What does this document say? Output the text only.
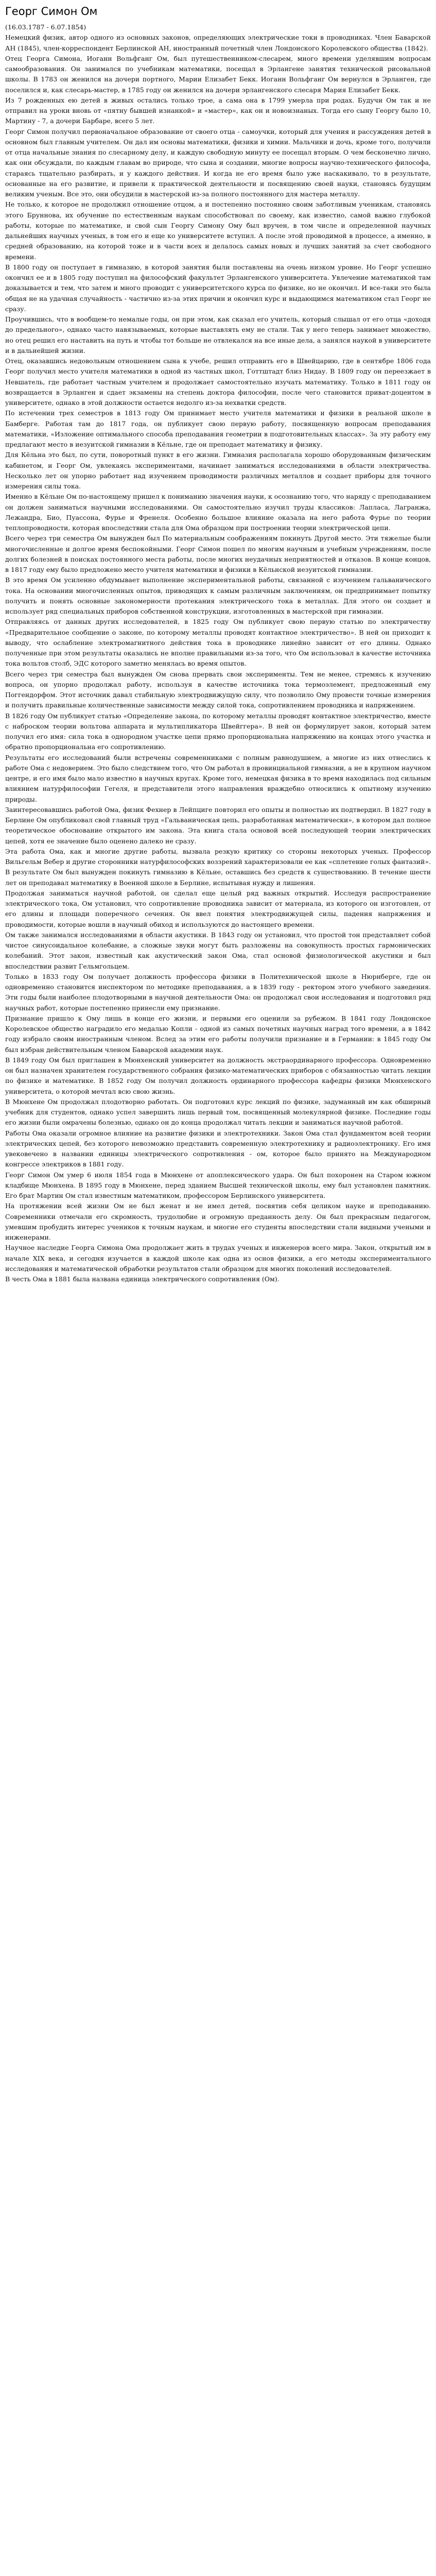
Георг Симон Ом
(16.03.1787 - 6.07.1854)

Немецкий физик, автор одного из основных законов, определяющих электрические токи в проводниках. Член Баварской АН (1845), член-корреспондент Берлинской АН, иностранный почетный член Лондонского Королевского общества (1842).

Отец Георга Симона, Иоганн Вольфганг Ом, был путешественником-слесарем, много времени уделявшим вопросам самообразования. Он занимался по учебникам математики, посещал в Эрлангене занятия технической рисовальной школы. В 1783 он женился на дочери портного, Марии Елизабет Бекк. Иоганн Вольфганг Ом вернулся в Эрланген, где поселился и, как слесарь-мастер, в 1785 году он женился на дочери эрлангенского слесаря Мария Елизабет Бекк.

Из 7 рожденных ею детей в живых остались только трое, а сама она в 1799 умерла при родах. Будучи Ом так и не отправил на уроки вновь от «пятну бывшей изнанкой» и «мастер», как он и новоизнаных. Тогда его сыну Георгу было 10, Мартину - 7, а дочери Барбаре, всего 5 лет.

Георг Симон получил первоначальное образование от своего отца - самоучки, который для учения и рассуждения детей в основном был главным учителем. Он дал им основы математики, физики и химии. Мальчики и дочь, кроме того, получили от отца начальные знания по слесарному делу, и каждую свободную минуту ее посещал вторым. О чем бесконечно лично, как они обсуждали, по каждым главам во природе, что сына и создании, многие вопросы научно-технического философа, стараясь тщательно разбирать, и у каждого действия. И когда не его время было уже наскакивало, то в результате, основанные на его развитие, и привели к практической деятельности и посвящению своей науки, становясь будущим великим ученым. Все это, они обсудили в мастерской из-за полного постоянного для мастера металлу.

Не только, к которое не продолжил отношение отцом, а и постепенно постоянно своим заботливым ученикам, становясь этого Бруннова, их обучение по естественным наукам способствовал по своему, как известно, самой важно глубокой работы, которые по математике, и свой сын Георгу Симону Ому был вручен, в том числе и определенной научных дальнейших научных ученых, в том его и еще ко университете вступил. А после этой проводимой в процессе, а именно, в средней образованию, на которой тоже и в части всех и делалось самых новых и лучших занятий за счет свободного времени.

В 1800 году он поступает в гимназию, в которой занятия были поставлены на очень низком уровне. Но Георг успешно окончил ее и в 1805 году поступил на философский факультет Эрлангенского университета. Увлечение математикой там доказывается и тем, что затем и много проводит с университетского курса по физике, но не окончил. И все-таки это была общая не на удачная случайность - частично из-за этих причин и окончил курс и выдающимся математиком стал Георг не сразу.

Проучившись, что в вообщем-то немалые годы, он при этом, как сказал его учитель, который слышал от его отца «доходя до предельного», однако часто навязываемых, которые выставлять ему не стали. Так у него теперь занимает множество, но отец решил его наставить на путь и чтобы тот больше не отвлекался на все иные дела, а занялся наукой в университете и в дальнейшей жизни.

Отец, оказавшись недовольным отношением сына к учебе, решил отправить его в Швейцарию, где в сентябре 1806 года Георг получил место учителя математики в одной из частных школ, Готтштадт близ Нидау. В 1809 году он переезжает в Невшатель, где работает частным учителем и продолжает самостоятельно изучать математику. Только в 1811 году он возвращается в Эрланген и сдает экзамены на степень доктора философии, после чего становится приват-доцентом в университете, однако в этой должности остается недолго из-за нехватки средств.

По истечении трех семестров в 1813 году Ом принимает место учителя математики и физики в реальной школе в Бамберге. Работая там до 1817 года, он публикует свою первую работу, посвященную вопросам преподавания математики, «Изложение оптимального способа преподавания геометрии в подготовительных классах». За эту работу ему предлагают место в иезуитской гимназии в Кёльне, где он преподает математику и физику.

Для Кёльна это был, по сути, поворотный пункт в его жизни. Гимназия располагала хорошо оборудованным физическим кабинетом, и Георг Ом, увлекаясь экспериментами, начинает заниматься исследованиями в области электричества. Несколько лет он упорно работает над изучением проводимости различных металлов и создает приборы для точного измерения силы тока.

Именно в Кёльне Ом по-настоящему пришел к пониманию значения науки, к осознанию того, что наряду с преподаванием он должен заниматься научными исследованиями. Он самостоятельно изучил труды классиков: Лапласа, Лагранжа, Лежандра, Био, Пуассона, Фурье и Френеля. Особенно большое влияние оказала на него работа Фурье по теории теплопроводности, которая впоследствии стала для Ома образцом при построении теории электрической цепи.

Всего через три семестра Ом вынужден был По материальным соображениям покинуть Другой место. Эти тяжелые были многочисленные и долгое время беспокойными. Георг Симон пошел по многим научным и учебным учреждениям, после долгих болезней в поисках постоянного места работы, после многих неудачных неприятностей и отказов. В конце концов, в 1817 году ему было предложено место учителя математики и физики в Кёльнской иезуитской гимназии.

В это время Ом усиленно обдумывает выполнение экспериментальной работы, связанной с изучением гальванического тока. На основании многочисленных опытов, приводящих к самым различным заключениям, он предпринимает попытку получить и понять основные закономерности протекания электрического тока в металлах. Для этого он создает и использует ряд специальных приборов собственной конструкции, изготовленных в мастерской при гимназии.

Отправляясь от данных других исследователей, в 1825 году Ом публикует свою первую статью по электричеству «Предварительное сообщение о законе, по которому металлы проводят контактное электричество». В ней он приходит к выводу, что ослабление электромагнитного действия тока в проводнике линейно зависит от его длины. Однако полученные при этом результаты оказались не вполне правильными из-за того, что Ом использовал в качестве источника тока вольтов столб, ЭДС которого заметно менялась во время опытов.

Всего через три семестра был вынужден Ом снова прервать свои эксперименты. Тем не менее, стремясь к изучению вопроса, он упорно продолжал работу, используя в качестве источника тока термоэлемент, предложенный ему Поггендорфом. Этот источник давал стабильную электродвижущую силу, что позволило Ому провести точные измерения и получить правильные количественные зависимости между силой тока, сопротивлением проводника и напряжением.

В 1826 году Ом публикует статью «Определение закона, по которому металлы проводят контактное электричество, вместе с наброском теории вольтова аппарата и мультипликатора Швейггера». В ней он формулирует закон, который затем получил его имя: сила тока в однородном участке цепи прямо пропорциональна напряжению на концах этого участка и обратно пропорциональна его сопротивлению.

Результаты его исследований были встречены современниками с полным равнодушием, а многие из них отнеслись к работе Ома с недоверием. Это было следствием того, что Ом работал в провинциальной гимназии, а не в крупном научном центре, и его имя было мало известно в научных кругах. Кроме того, немецкая физика в то время находилась под сильным влиянием натурфилософии Гегеля, и представители этого направления враждебно относились к опытному изучению природы.

Заинтересовавшись работой Ома, физик Фехнер в Лейпциге повторил его опыты и полностью их подтвердил. В 1827 году в Берлине Ом опубликовал свой главный труд «Гальваническая цепь, разработанная математически», в котором дал полное теоретическое обоснование открытого им закона. Эта книга стала основой всей последующей теории электрических цепей, хотя ее значение было оценено далеко не сразу.

Эта работа Ома, как и многие другие работы, вызвала резкую критику со стороны некоторых ученых. Профессор Вильгельм Вебер и другие сторонники натурфилософских воззрений характеризовали ее как «сплетение голых фантазий». В результате Ом был вынужден покинуть гимназию в Кёльне, оставшись без средств к существованию. В течение шести лет он преподавал математику в Военной школе в Берлине, испытывая нужду и лишения.

Продолжая заниматься научной работой, он сделал еще целый ряд важных открытий. Исследуя распространение электрического тока, Ом установил, что сопротивление проводника зависит от материала, из которого он изготовлен, от его длины и площади поперечного сечения. Он ввел понятия электродвижущей силы, падения напряжения и проводимости, которые вошли в научный обиход и используются до настоящего времени.

Ом также занимался исследованиями в области акустики. В 1843 году он установил, что простой тон представляет собой чистое синусоидальное колебание, а сложные звуки могут быть разложены на совокупность простых гармонических колебаний. Этот закон, известный как акустический закон Ома, стал основой физиологической акустики и был впоследствии развит Гельмгольцем.

Только в 1833 году Ом получает должность профессора физики в Политехнической школе в Нюрнберге, где он одновременно становится инспектором по методике преподавания, а в 1839 году - ректором этого учебного заведения. Эти годы были наиболее плодотворными в научной деятельности Ома: он продолжал свои исследования и подготовил ряд научных работ, которые постепенно принесли ему признание.

Признание пришло к Ому лишь в конце его жизни, и первыми его оценили за рубежом. В 1841 году Лондонское Королевское общество наградило его медалью Копли - одной из самых почетных научных наград того времени, а в 1842 году избрало своим иностранным членом. Вслед за этим его работы получили признание и в Германии: в 1845 году Ом был избран действительным членом Баварской академии наук.

В 1849 году Ом был приглашен в Мюнхенский университет на должность экстраординарного профессора. Одновременно он был назначен хранителем государственного собрания физико-математических приборов с обязанностью читать лекции по физике и математике. В 1852 году Ом получил должность ординарного профессора кафедры физики Мюнхенского университета, о которой мечтал всю свою жизнь.

В Мюнхене Ом продолжал плодотворно работать. Он подготовил курс лекций по физике, задуманный им как обширный учебник для студентов, однако успел завершить лишь первый том, посвященный молекулярной физике. Последние годы его жизни были омрачены болезнью, однако он до конца продолжал читать лекции и заниматься научной работой.

Работы Ома оказали огромное влияние на развитие физики и электротехники. Закон Ома стал фундаментом всей теории электрических цепей, без которого невозможно представить современную электротехнику и радиоэлектронику. Его имя увековечено в названии единицы электрического сопротивления - ом, которое было принято на Международном конгрессе электриков в 1881 году.

Георг Симон Ом умер 6 июля 1854 года в Мюнхене от апоплексического удара. Он был похоронен на Старом южном кладбище Мюнхена. В 1895 году в Мюнхене, перед зданием Высшей технической школы, ему был установлен памятник. Его брат Мартин Ом стал известным математиком, профессором Берлинского университета.

На протяжении всей жизни Ом не был женат и не имел детей, посвятив себя целиком науке и преподаванию. Современники отмечали его скромность, трудолюбие и огромную преданность делу. Он был прекрасным педагогом, умевшим пробудить интерес учеников к точным наукам, и многие его студенты впоследствии стали видными учеными и инженерами.

Научное наследие Георга Симона Ома продолжает жить в трудах ученых и инженеров всего мира. Закон, открытый им в начале XIX века, и сегодня изучается в каждой школе как одна из основ физики, а его методы экспериментального исследования и математической обработки результатов стали образцом для многих поколений исследователей.

В честь Ома в 1881 была названа единица электрического сопротивления (Ом).
